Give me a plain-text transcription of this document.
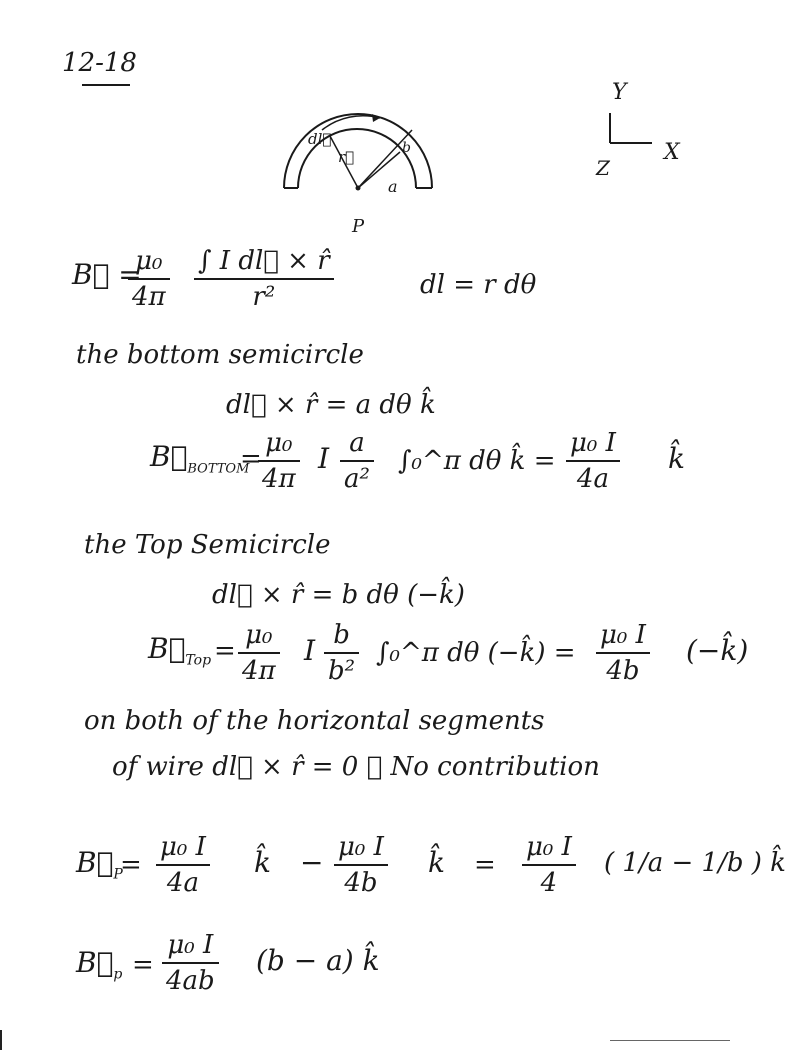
12-18
dl⃗
r⃗
a
b
P
Y
X
Z
B⃗ =
μ₀
4π
∫ I dl⃗ × r̂
r²	dl = r dθ
the bottom semicircle
dl⃗ × r̂ = a dθ k̂
$B⃗_{BOTTOM}$
=
μ₀
4π
I a
a²
∫₀^π dθ k̂ =
μ₀ I
4a
k̂
the Top Semicircle
dl⃗ × r̂ = b dθ (−k̂)
$B⃗_{Top}$ =
μ₀
4π
I b
b²
∫₀^π dθ (−k̂) =
μ₀ I
4b
(−k̂)
on both of the horizontal segments
of wire dl⃗ × r̂ = 0 ∴ No contribution
$B⃗_P$
=
μ₀ I
4a
k̂ − μ₀ I
4b
k̂ =
μ₀ I
4
( 1/a − 1/b ) k̂
$B⃗_p$ =
μ₀ I
4ab
(b − a) k̂
